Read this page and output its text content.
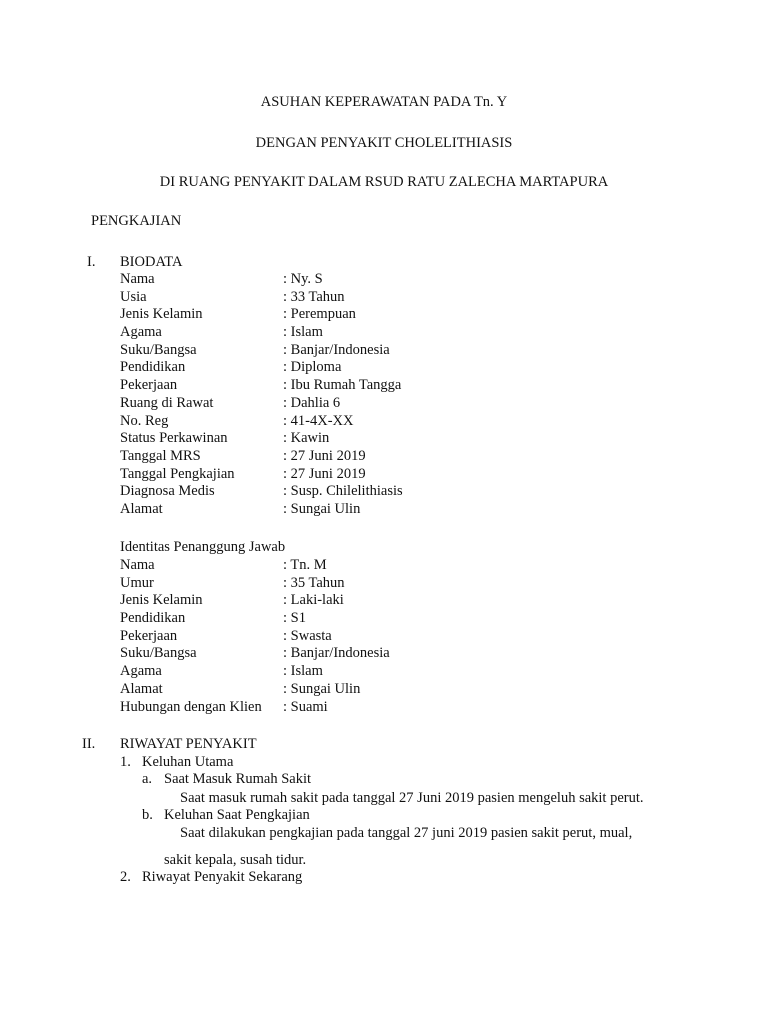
ASUHAN KEPERAWATAN PADA Tn. Y
DENGAN PENYAKIT CHOLELITHIASIS
DI RUANG PENYAKIT DALAM RSUD RATU ZALECHA MARTAPURA
PENGKAJIAN
I. BIODATA
Nama	: Ny. S
Usia	: 33 Tahun
Jenis Kelamin	: Perempuan
Agama	: Islam
Suku/Bangsa	: Banjar/Indonesia
Pendidikan	: Diploma
Pekerjaan	: Ibu Rumah Tangga
Ruang di Rawat	: Dahlia 6
No. Reg	: 41-4X-XX
Status Perkawinan	: Kawin
Tanggal MRS	: 27 Juni 2019
Tanggal Pengkajian	: 27 Juni 2019
Diagnosa Medis	: Susp. Chilelithiasis
Alamat	: Sungai Ulin
Identitas Penanggung Jawab
Nama	: Tn. M
Umur	: 35 Tahun
Jenis Kelamin	: Laki-laki
Pendidikan	: S1
Pekerjaan	: Swasta
Suku/Bangsa	: Banjar/Indonesia
Agama	: Islam
Alamat	: Sungai Ulin
Hubungan dengan Klien : Suami
II. RIWAYAT PENYAKIT
1. Keluhan Utama
a. Saat Masuk Rumah Sakit
Saat masuk rumah sakit pada tanggal 27 Juni 2019 pasien mengeluh sakit perut.
b. Keluhan Saat Pengkajian
Saat dilakukan pengkajian pada tanggal 27 juni 2019 pasien sakit perut, mual,
sakit kepala, susah tidur.
2. Riwayat Penyakit Sekarang
